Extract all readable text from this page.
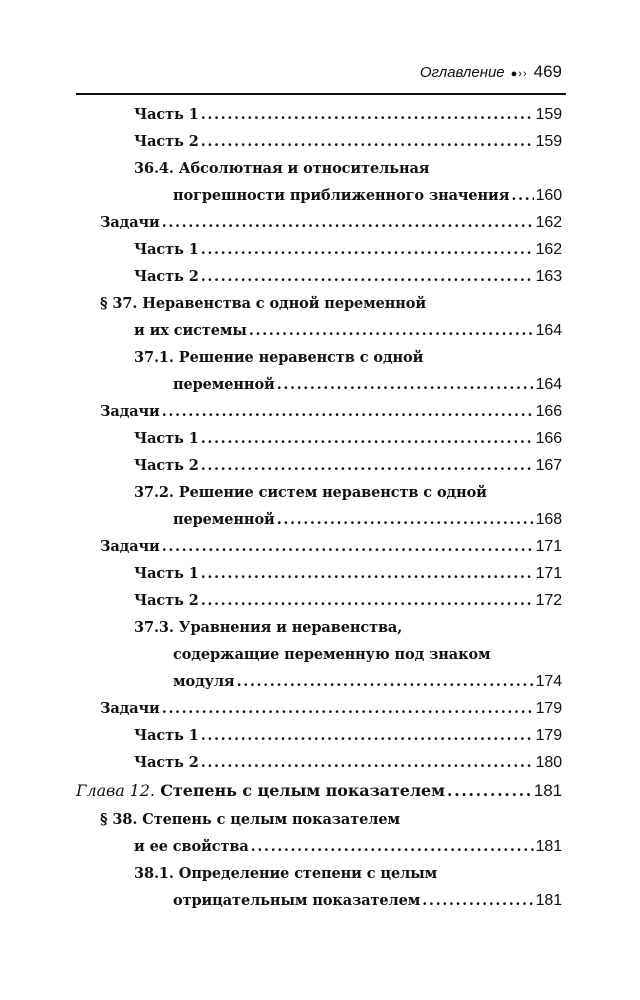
Оглавление ●›› 469
Часть 1 .....	159
Часть 2 .....	159
36.4. Абсолютная и относительная
погрешности приближенного значения ..... 160
Задачи .....	162
Часть 1 .....	162
Часть 2 .....	163
§ 37. Неравенства с одной переменной
и их системы .....	164
37.1. Решение неравенств с одной
переменной .....	164
Задачи .....	166
Часть 1 .....	166
Часть 2 .....	167
37.2. Решение систем неравенств с одной
переменной .....	168
Задачи .....	171
Часть 1 .....	171
Часть 2 .....	172
37.3. Уравнения и неравенства,
содержащие переменную под знаком
модуля .....	174
Задачи .....	179
Часть 1 .....	179
Часть 2 .....	180
Глава 12. Степень с целым показателем .....	181
§ 38. Степень с целым показателем
и ее свойства .....	181
38.1. Определение степени с целым
отрицательным показателем .....	181
